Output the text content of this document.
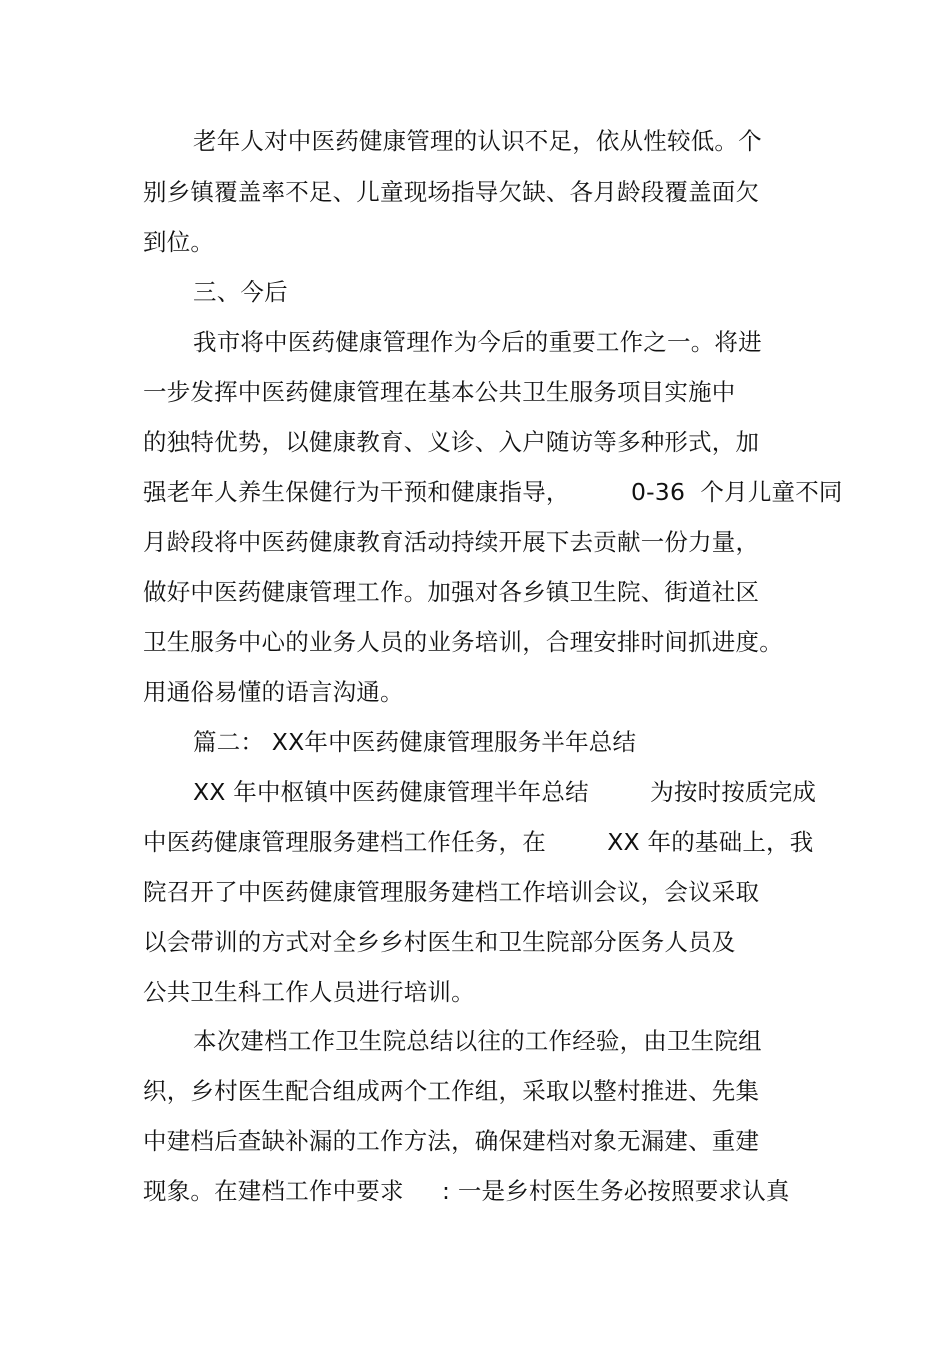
老年人对中医药健康管理的认识不足，依从性较低。个
别乡镇覆盖率不足、儿童现场指导欠缺、各月龄段覆盖面欠
到位。
三、今后
我市将中医药健康管理作为今后的重要工作之一。将进
一步发挥中医药健康管理在基本公共卫生服务项目实施中
的独特优势，以健康教育、义诊、入户随访等多种形式，加
强老年人养生保健行为干预和健康指导，        0-36  个月儿童不同
月龄段将中医药健康教育活动持续开展下去贡献一份力量，
做好中医药健康管理工作。加强对各乡镇卫生院、街道社区
卫生服务中心的业务人员的业务培训，合理安排时间抓进度。
用通俗易懂的语言沟通。
篇二： XX年中医药健康管理服务半年总结
XX 年中枢镇中医药健康管理半年总结        为按时按质完成
中医药健康管理服务建档工作任务，在        XX 年的基础上，我
院召开了中医药健康管理服务建档工作培训会议，会议采取
以会带训的方式对全乡乡村医生和卫生院部分医务人员及
公共卫生科工作人员进行培训。
本次建档工作卫生院总结以往的工作经验，由卫生院组
织，乡村医生配合组成两个工作组，采取以整村推进、先集
中建档后查缺补漏的工作方法，确保建档对象无漏建、重建
现象。在建档工作中要求     : 一是乡村医生务必按照要求认真
